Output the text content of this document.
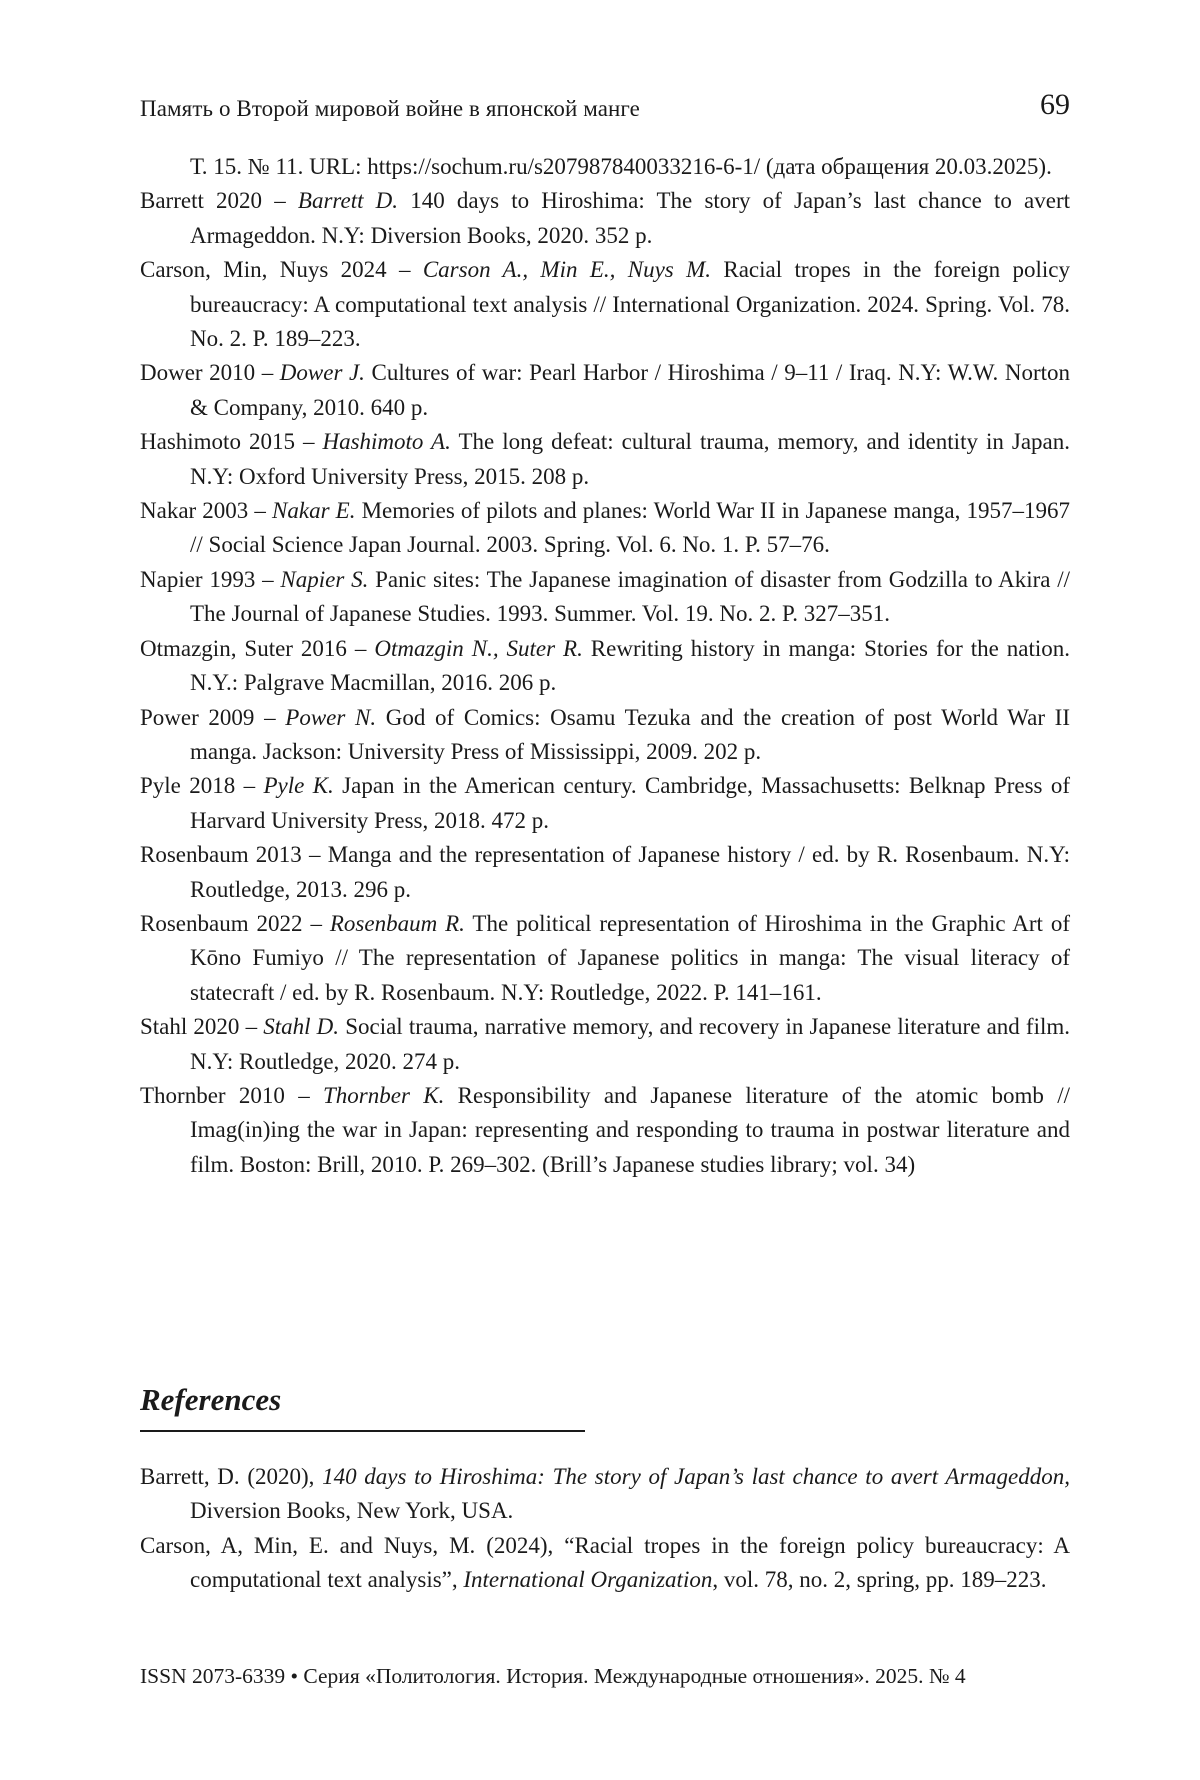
Память о Второй мировой войне в японской манге	69

Т. 15. № 11. URL: https://sochum.ru/s207987840033216-6-1/ (дата обращения 20.03.2025).

Barrett 2020 – Barrett D. 140 days to Hiroshima: The story of Japan’s last chance to avert Armageddon. N.Y: Diversion Books, 2020. 352 p.

Carson, Min, Nuys 2024 – Carson A., Min E., Nuys M. Racial tropes in the foreign policy bureaucracy: A computational text analysis // International Organization. 2024. Spring. Vol. 78. No. 2. P. 189–223.

Dower 2010 – Dower J. Cultures of war: Pearl Harbor / Hiroshima / 9–11 / Iraq. N.Y: W.W. Norton & Company, 2010. 640 p.

Hashimoto 2015 – Hashimoto A. The long defeat: cultural trauma, memory, and identity in Japan. N.Y: Oxford University Press, 2015. 208 p.

Nakar 2003 – Nakar E. Memories of pilots and planes: World War II in Japanese manga, 1957–1967 // Social Science Japan Journal. 2003. Spring. Vol. 6. No. 1. P. 57–76.

Napier 1993 – Napier S. Panic sites: The Japanese imagination of disaster from Godzilla to Akira // The Journal of Japanese Studies. 1993. Summer. Vol. 19. No. 2. P. 327–351.

Otmazgin, Suter 2016 – Otmazgin N., Suter R. Rewriting history in manga: Stories for the nation. N.Y.: Palgrave Macmillan, 2016. 206 p.

Power 2009 – Power N. God of Comics: Osamu Tezuka and the creation of post World War II manga. Jackson: University Press of Mississippi, 2009. 202 p.

Pyle 2018 – Pyle K. Japan in the American century. Cambridge, Massachusetts: Belknap Press of Harvard University Press, 2018. 472 p.

Rosenbaum 2013 – Manga and the representation of Japanese history / ed. by R. Rosenbaum. N.Y: Routledge, 2013. 296 p.

Rosenbaum 2022 – Rosenbaum R. The political representation of Hiroshima in the Graphic Art of Kōno Fumiyo // The representation of Japanese politics in manga: The visual literacy of statecraft / ed. by R. Rosenbaum. N.Y: Routledge, 2022. P. 141–161.

Stahl 2020 – Stahl D. Social trauma, narrative memory, and recovery in Japanese literature and film. N.Y: Routledge, 2020. 274 p.

Thornber 2010 – Thornber K. Responsibility and Japanese literature of the atomic bomb // Imag(in)ing the war in Japan: representing and responding to trauma in postwar literature and film. Boston: Brill, 2010. P. 269–302. (Brill’s Japanese studies library; vol. 34)

References

Barrett, D. (2020), 140 days to Hiroshima: The story of Japan’s last chance to avert Armageddon, Diversion Books, New York, USA.

Carson, A, Min, E. and Nuys, M. (2024), “Racial tropes in the foreign policy bureaucracy: A computational text analysis”, International Organization, vol. 78, no. 2, spring, pp. 189–223.

ISSN 2073-6339 • Серия «Политология. История. Международные отношения». 2025. № 4
